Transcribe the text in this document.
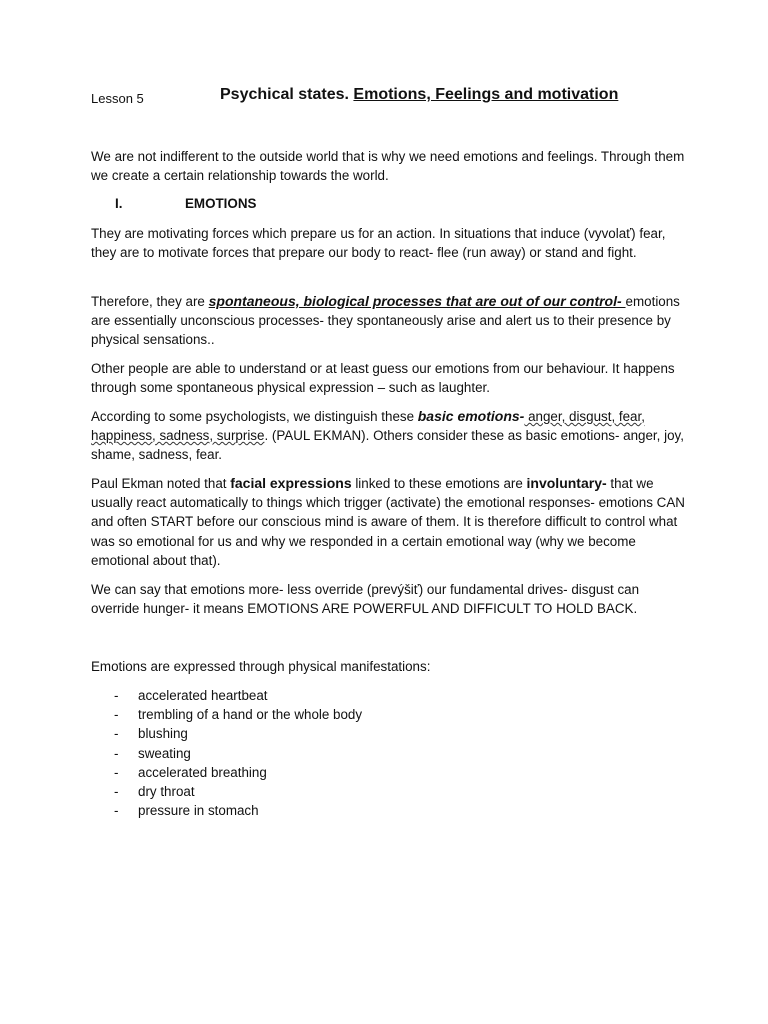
Lesson 5	Psychical states. Emotions, Feelings and motivation

We are not indifferent to the outside world that is why we need emotions and feelings. Through them we create a certain relationship towards the world.

I.	EMOTIONS

They are motivating forces which prepare us for an action. In situations that induce (vyvolať) fear, they are to motivate forces that prepare our body to react- flee (run away) or stand and fight.

Therefore, they are spontaneous, biological processes that are out of our control- emotions are essentially unconscious processes- they spontaneously arise and alert us to their presence by physical sensations..

Other people are able to understand or at least guess our emotions from our behaviour. It happens through some spontaneous physical expression – such as laughter.

According to some psychologists, we distinguish these basic emotions- anger, disgust, fear, happiness, sadness, surprise. (PAUL EKMAN). Others consider these as basic emotions- anger, joy, shame, sadness, fear.

Paul Ekman noted that facial expressions linked to these emotions are involuntary- that we usually react automatically to things which trigger (activate) the emotional responses- emotions CAN and often START before our conscious mind is aware of them. It is therefore difficult to control what was so emotional for us and why we responded in a certain emotional way (why we become emotional about that).

We can say that emotions more- less override (prevýšiť) our fundamental drives- disgust can override hunger- it means EMOTIONS ARE POWERFUL AND DIFFICULT TO HOLD BACK.

Emotions are expressed through physical manifestations:

- accelerated heartbeat
- trembling of a hand or the whole body
- blushing
- sweating
- accelerated breathing
- dry throat
- pressure in stomach
